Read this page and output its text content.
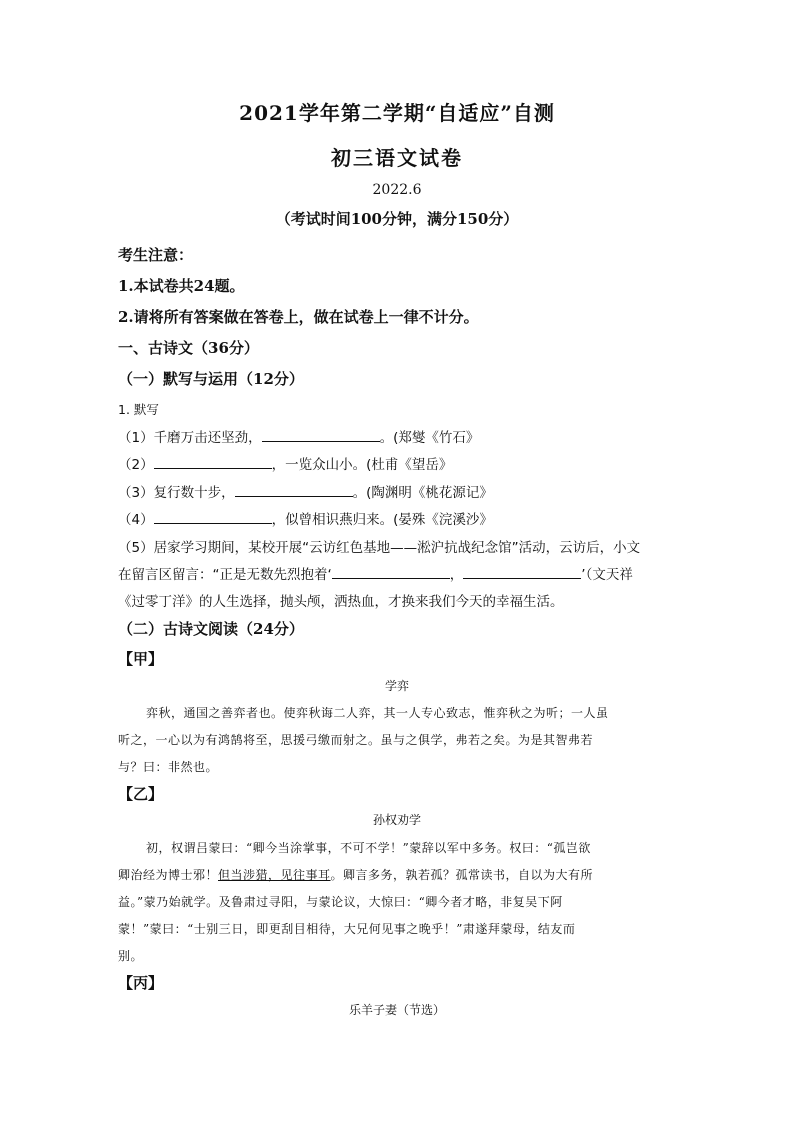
2021学年第二学期“自适应”自测
初三语文试卷
2022.6
（考试时间100分钟，满分150分）
考生注意：
1.本试卷共24题。
2.请将所有答案做在答卷上，做在试卷上一律不计分。
一、古诗文（36分）
（一）默写与运用（12分）
1. 默写
（1）千磨万击还坚劲，	。(郑燮《竹石》
（2）	，一览众山小。(杜甫《望岳》
（3）复行数十步，	。(陶渊明《桃花源记》
（4）	，似曾相识燕归来。(晏殊《浣溪沙》
（5）居家学习期间，某校开展“云访红色基地——淞沪抗战纪念馆”活动，云访后，小文
在留言区留言：“正是无数先烈抱着‘	，	’（文天祥
《过零丁洋》的人生选择，抛头颅，洒热血，才换来我们今天的幸福生活。
（二）古诗文阅读（24分）
【甲】
学弈
弈秋，通国之善弈者也。使弈秋诲二人弈，其一人专心致志，惟弈秋之为听；一人虽
听之，一心以为有鸿鹄将至，思援弓缴而射之。虽与之俱学，弗若之矣。为是其智弗若
与？曰：非然也。
【乙】
孙权劝学
初，权谓吕蒙曰：“卿今当涂掌事，不可不学！”蒙辞以军中多务。权曰：“孤岂欲
卿治经为博士邪！但当涉猎，见往事耳。卿言多务，孰若孤？孤常读书，自以为大有所
益。”蒙乃始就学。及鲁肃过寻阳，与蒙论议，大惊曰：“卿今者才略，非复吴下阿
蒙！”蒙曰：“士别三日，即更刮目相待，大兄何见事之晚乎！”肃遂拜蒙母，结友而
别。
【丙】
乐羊子妻（节选）
